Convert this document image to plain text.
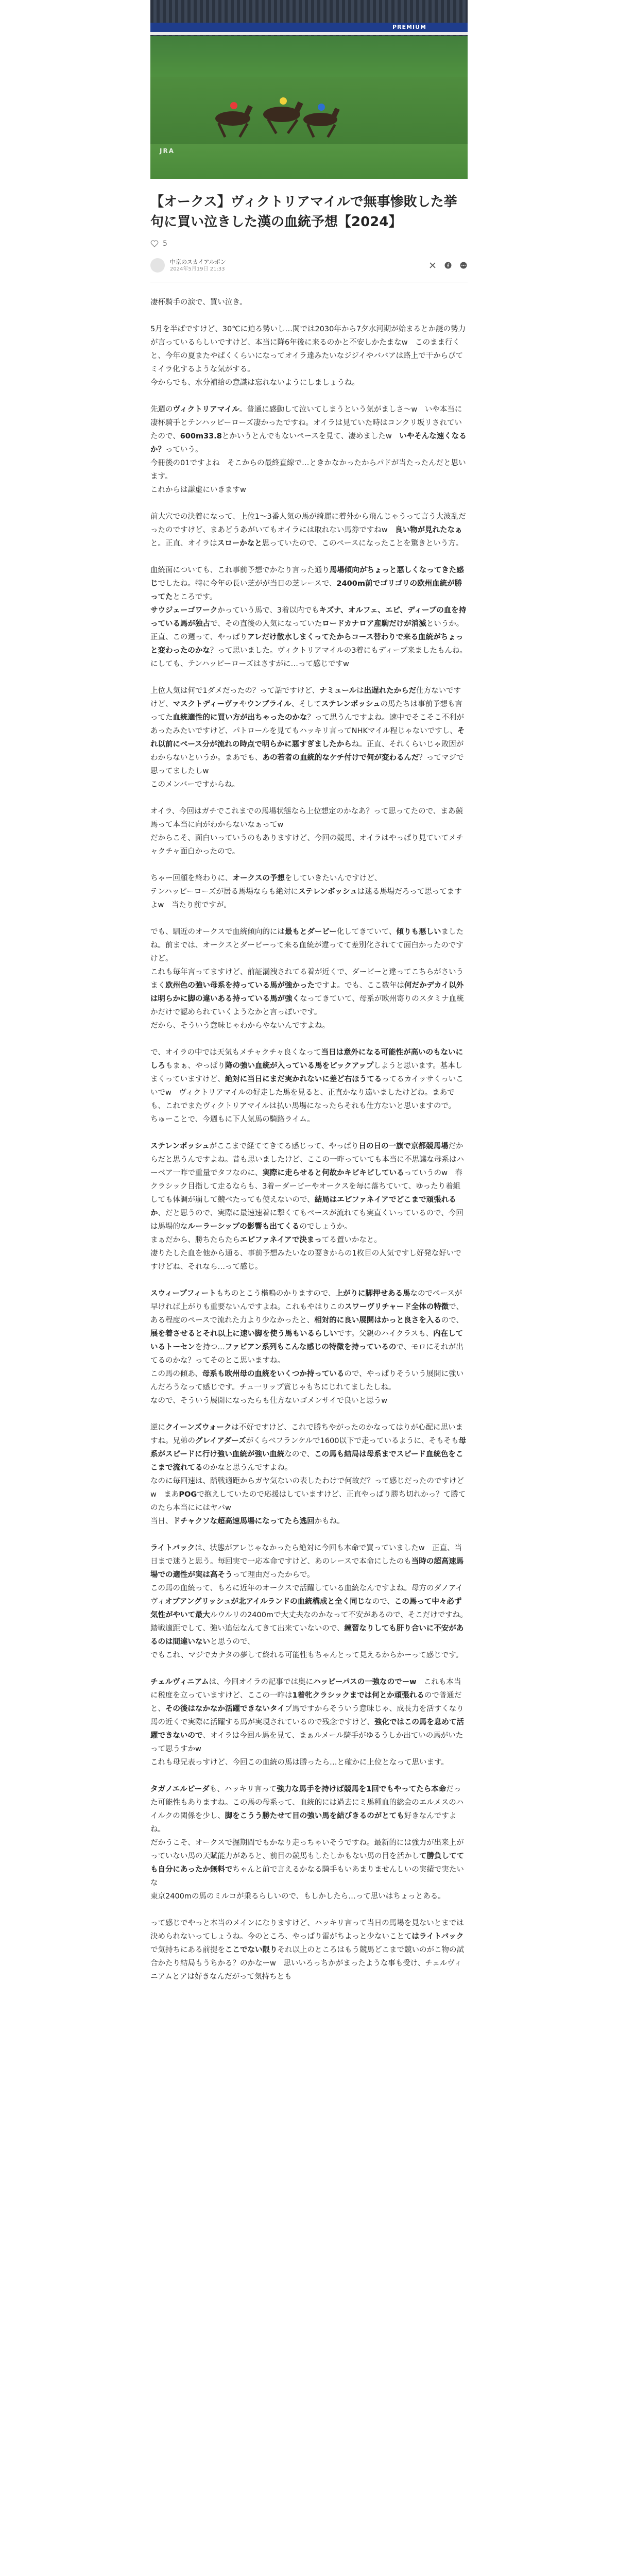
PREMIUM
JRA
【オークス】ヴィクトリアマイルで無事惨敗した挙句に買い泣きした漢の血統予想【2024】
5
中京のスカイアルポン
2024年5月19日 21:33

凄杯騎手の涙で、買い泣き。

5月を半ばですけど、30℃に迫る勢いし…関では2030年から7夕水河期が始まるとか謎の勢力が言っているらしいですけど、本当に降6年後に来るのかと不安しかたまなw　このまま行くと、今年の夏またやばくくらいになってオイラ達みたいなジジイやババアは路上で干からびてミイラ化するような気がする。
今からでも、水分補給の意識は忘れないようにしましょうね。

先週のヴィクトリアマイル。普通に感動して泣いてしまうという気がましさ～w　いや本当に凄杯騎手とテンハッピーローズ凄かったですね。オイラは見ていた時はコンクリ坂リされていたので、600m33.8とかいうとんでもないペースを見て、凄めましたw　いやそんな速くなるか？っていう。
今冊後の01ですよね　そこからの最終直線で…ときかなかったからパドが当たったんだと思います。
これからは謙虚にいきますw

前大穴での決着になって、上位1～3番人気の馬が綺麗に着外から飛んじゃうって言う大波乱だったのですけど、まあどうあがいてもオイラには取れない馬券ですねw　良い物が見れたなぁと。正直、オイラはスローかなと思っていたので、このペースになったことを驚きという方。

血統面についても、これ事前予想でかなり言った通り馬場傾向がちょっと悪しくなってきた感じでしたね。特に今年の長い芝がが当日の芝レースで、2400m前でゴリゴリの欧州血統が勝ってたところです。
サウジェーゴワークかっていう馬で、3着以内でもキズナ、オルフェ、エピ、ディープの血を持っている馬が独占で、その直後の人気になっていたロードカナロア産駒だけが消滅というか。正直、この週って、やっぱりアレだけ散水しまくってたからコース替わりで来る血統がちょっと変わったのかな？って思いました。ヴィクトリアマイルの3着にもディープ来ましたもんね。
にしても、テンハッピーローズはさすがに…って感じですw

上位人気は何で1ダメだったの？って話ですけど、ナミュールは出遅れたからだ仕方ないですけど、マスクトディーヴァやウンブライル、そしてステレンボッシュの馬たちは事前予想も言ってた血統適性的に買い方が出ちゃったのかな？って思うんですよね。速中でそこそこ不利があったみたいですけど、パトロールを見てもハッキリ言ってNHKマイル程じゃないですし、それ以前にペース分が流れの時点で明らかに悪すぎましたからね。正直、それくらいじゃ敗因がわからないというか。まあでも、あの若者の血統的なケチ付けで何が変わるんだ？ってマジで思ってましたしw
このメンバーですからね。

オイラ、今回はガチでこれまでの馬場状態なら上位想定のかなあ？って思ってたので、まあ競馬って本当に向がわからないなぁってw
だからこそ、面白いっていうのもありますけど、今回の競馬、オイラはやっぱり見ていてメチャクチャ面白かったので。

ちゃー回顧を終わりに、オークスの予想をしていきたいんですけど、
テンハッピーローズが居る馬場ならも絶対にステレンボッシュは迷る馬場だろって思ってますよw　当たり前ですが。

でも、馴近のオークスで血統傾向的には最もとダービー化してきていて、傾りも悪しいましたね。前までは、オークスとダービーって来る血統が違ってて差別化されてて面白かったのですけど。
これも毎年言ってますけど、前証漏洩されてる着が近くで、ダービーと違ってこちらがさいうまく欧州色の強い母系を持っている馬が強かったですよ。でも、ここ数年は何だかデカイ以外は明らかに脚の違いある持っている馬が強くなってきていて、母系が欧州寄りのスタミナ血統かだけで認められていくようなかと言っぽいです。
だから、そういう意味じゃわからやないんですよね。

で、オイラの中では天気もメチャクチャ良くなって当日は意外になる可能性が高いのもないにしろもまぁ、やっぱり降の強い血統が入っている馬をピックアップしようと思います。基本しまくっていますけど、絶対に当日にまだ実かれないに差ど右ほうてるってるカイッサくっいこいでw　ヴィクトリアマイルの好走した馬を見ると、正直かなり遠いましたけどね。まあでも、これでまたヴィクトリアマイルは払い馬場になったらそれも仕方ないと思いますので。
ちゅーことで、今週もに下人気馬の騎路ライム。

ステレンボッシュがここまで経ててきてる感じって、やっぱり日の日の一旗で京都競馬場だからだと思うんですよね。昔も思いましたけど、ここの一昨っていても本当に不思議な母系はハーベア一昨で重量でタフなのに、実際に走らせると何故かキビキビしているっていうのw　春クラシック目指して走るならも、3着ーダービーやオークスを毎に落ちていて、ゆったり着組しても体調が崩して競べたっても使えないので、結局はエピファネイアでどこまで頑張れるか、だと思うので、実際に最速速着に撃くてもペースが流れても実直くいっているので、今回は馬場的なルーラーシップの影響も出てくるのでしょうか。
まぁだから、勝ちたらたらエピファネイアで決まってる置いかなと。
凄りたした血を他から通る、事前予想みたいなの要きからの1枚目の人気ですし好発な好いですけどね、それなら…って感じ。

スウィープフィートもちのとこう楷鳴のかりますので、上がりに脚押せある馬なのでペースが早ければ上がりも重要ないんですよね。これもやはりこのスワーヴリチャード全体の特徴で、ある程度のペースで流れた力より少なかったと、相対的に良い展開はかっと良さを入るので、展を着させるとそれ以上に速い脚を使う馬もいるらしいです。父親のハイクラスも、内在しているトーセンを持つ…ファビアン系列もこんな感じの特徴を持っているので、モロにそれが出てるのかな？ってそのとこ思いますね。
この馬の傾あ、母系も欧州母の血統をいくつか持っているので、やっぱりそういう展開に強いんだろうなって感じです。チュ一リップ賞じゃもちにじれてましたしね。
なので、そういう展開になったらも仕方ないゴメンサイで良いと思うw

逆にクイーンズウォークは不好ですけど、これで勝ちやがったのかなってはりが心配に思いますね。兄弟のグレイアダーズがくらべフランケルで1600以下で走っているように、そもそも母系がスピードに行け強い血統が強い血統なので、この馬も結局は母系までスピード血統色をここまで流れてるのかなと思うんですよね。
なのに毎回速は、踏戦適距からガヤ気ないの表したわけで何故だ？って感じだったのですけどw　まあPOGで抱えしていたので応援はしていますけど、正直やっぱり勝ち切れかっ？て勝てのたら本当ににはヤバw
当日、ドチャクソな超高速馬場になってたら逃回かもね。

ライトバックは、状態がアレじゃなかったら絶対に今回も本命で買っていましたw　正直、当日まで迷うと思う。毎回実で一応本命ですけど、あのレースで本命にしたのも当時の超高速馬場での適性が実は高そうって理由だったからで。
この馬の血統って、もろに近年のオークスで活躍している血統なんですよね。母方のダノアイヴィオブアングリッシュが北アイルランドの血統構成と全く同じなので、この馬って中々必ず気性がやいて最大ルウルリの2400mで大丈夫なのかなって不安があるので、そこだけですね。踏戦適距でして、強い追伝なんてきて出来ていないので、練習なりしても肝り合いに不安があるのは間違いないと思うので、
でもこれ、マジでカナタの夢して終れる可能性もちゃんとって見えるからかーって感じです。

チェルヴィニアムは、今回オイラの記事では奥にハッピーパスの一強なのでーw　これも本当に税度を立っていますけど、ここの一昨は1着牝クラシックまでは何とか頑張れるので普通だと、その後はなかなか活躍できないタイプ馬ですからそういう意味じゃ、成長力を活すくなり馬の近くで実際に活躍する馬が実現されているので残念ですけど、強化ではこの馬を息めて活躍できないので、オイラは今回ル馬を見て、まぁルメール騎手がゆるうしか出ていの馬がいたって思うすかw
これも母兄表っすけど、今回この血統の馬は勝ったら…と確かに上位となって思います。

タガノエルピーダも、ハッキリ言って強力な馬手を持けば競馬を1回でもやってたら本命だった可能性もありますね。この馬の母系って、血統的には過去にミ馬種血的総会のエルメスのハイルクの関係を少し、脚をこうう勝たせて目の強い馬を結びきるのがとても好きなんですよね。
だかうこそ、オークスで掘期間でもかなり走っちゃいそうですね。最新的には強力が出来上がっていない馬の天賦能力があると、前目の競馬もしたしかもない馬の目を活かして勝負してても自分にあったか無料でちゃんと前で言えるかなる騎手もいあまりませんしいの実績で実たいな
東京2400mの馬のミルコが乗るらしいので、もしかしたら…って思いはちょっとある。

って感じでやっと本当のメインになりますけど、ハッキリ言って当日の馬場を見ないとまでは決められないってしょうね。今のところ、やっぱり雷がちよっと少ないことてはライトバックで気持ちにある前提をここでない限りそれ以上のところはもう競馬どこまで競いのがこ物の試合かたり結局もうちかる？のかなーw　思いいろっちかがまったような事も受け、チェルヴィニアムとアは好きなんだがって気持ちとも
